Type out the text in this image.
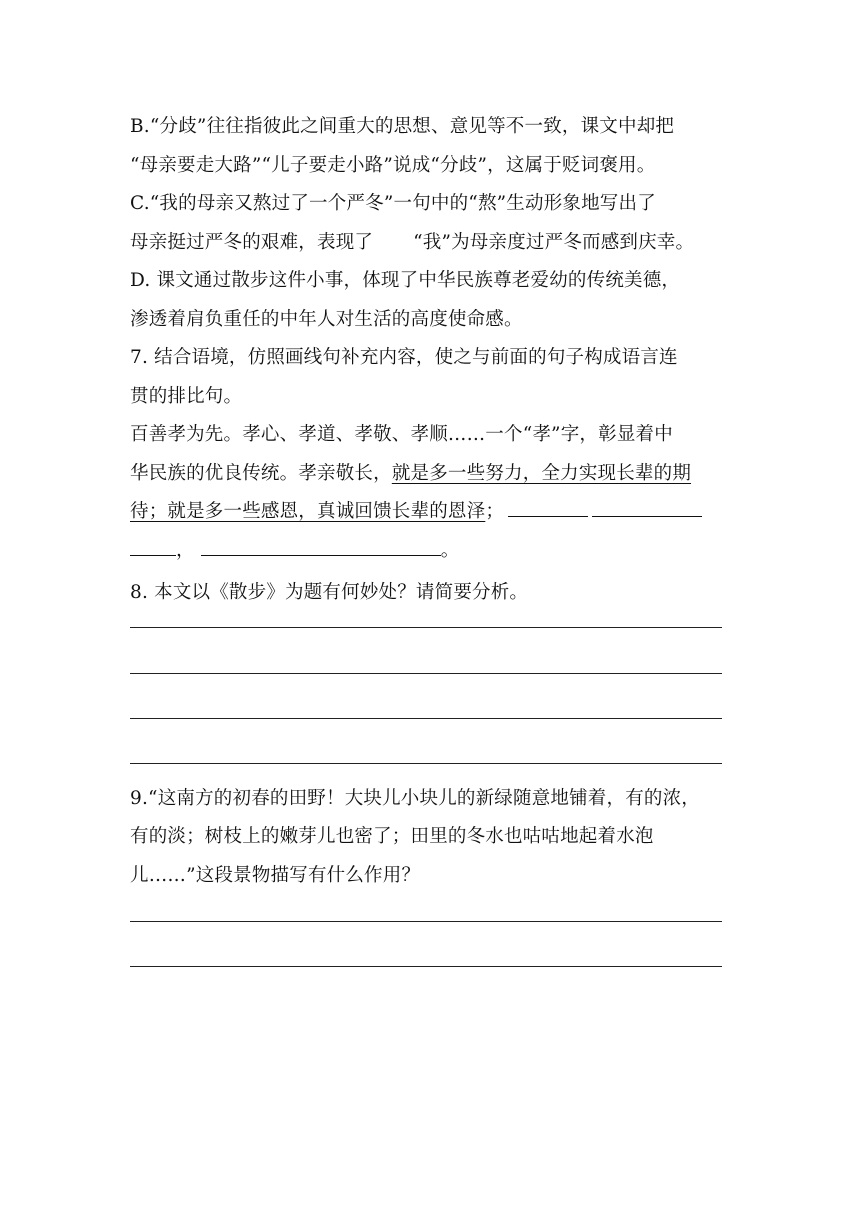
B.“分歧”往往指彼此之间重大的思想、意见等不一致，课文中却把
“母亲要走大路”“儿子要走小路”说成“分歧”，这属于贬词褒用。
C.“我的母亲又熬过了一个严冬”一句中的“熬”生动形象地写出了
母亲挺过严冬的艰难，表现了 “我”为母亲度过严冬而感到庆幸。
D. 课文通过散步这件小事，体现了中华民族尊老爱幼的传统美德，
渗透着肩负重任的中年人对生活的高度使命感。
7. 结合语境，仿照画线句补充内容，使之与前面的句子构成语言连
贯的排比句。
百善孝为先。孝心、孝道、孝敬、孝顺……一个“孝”字，彰显着中
华民族的优良传统。孝亲敬长，就是多一些努力，全力实现长辈的期
待；就是多一些感恩，真诚回馈长辈的恩泽；
，	。
8. 本文以《散步》为题有何妙处？请简要分析。
9.“这南方的初春的田野！大块儿小块儿的新绿随意地铺着，有的浓，
有的淡；树枝上的嫩芽儿也密了；田里的冬水也咕咕地起着水泡
儿……”这段景物描写有什么作用？
